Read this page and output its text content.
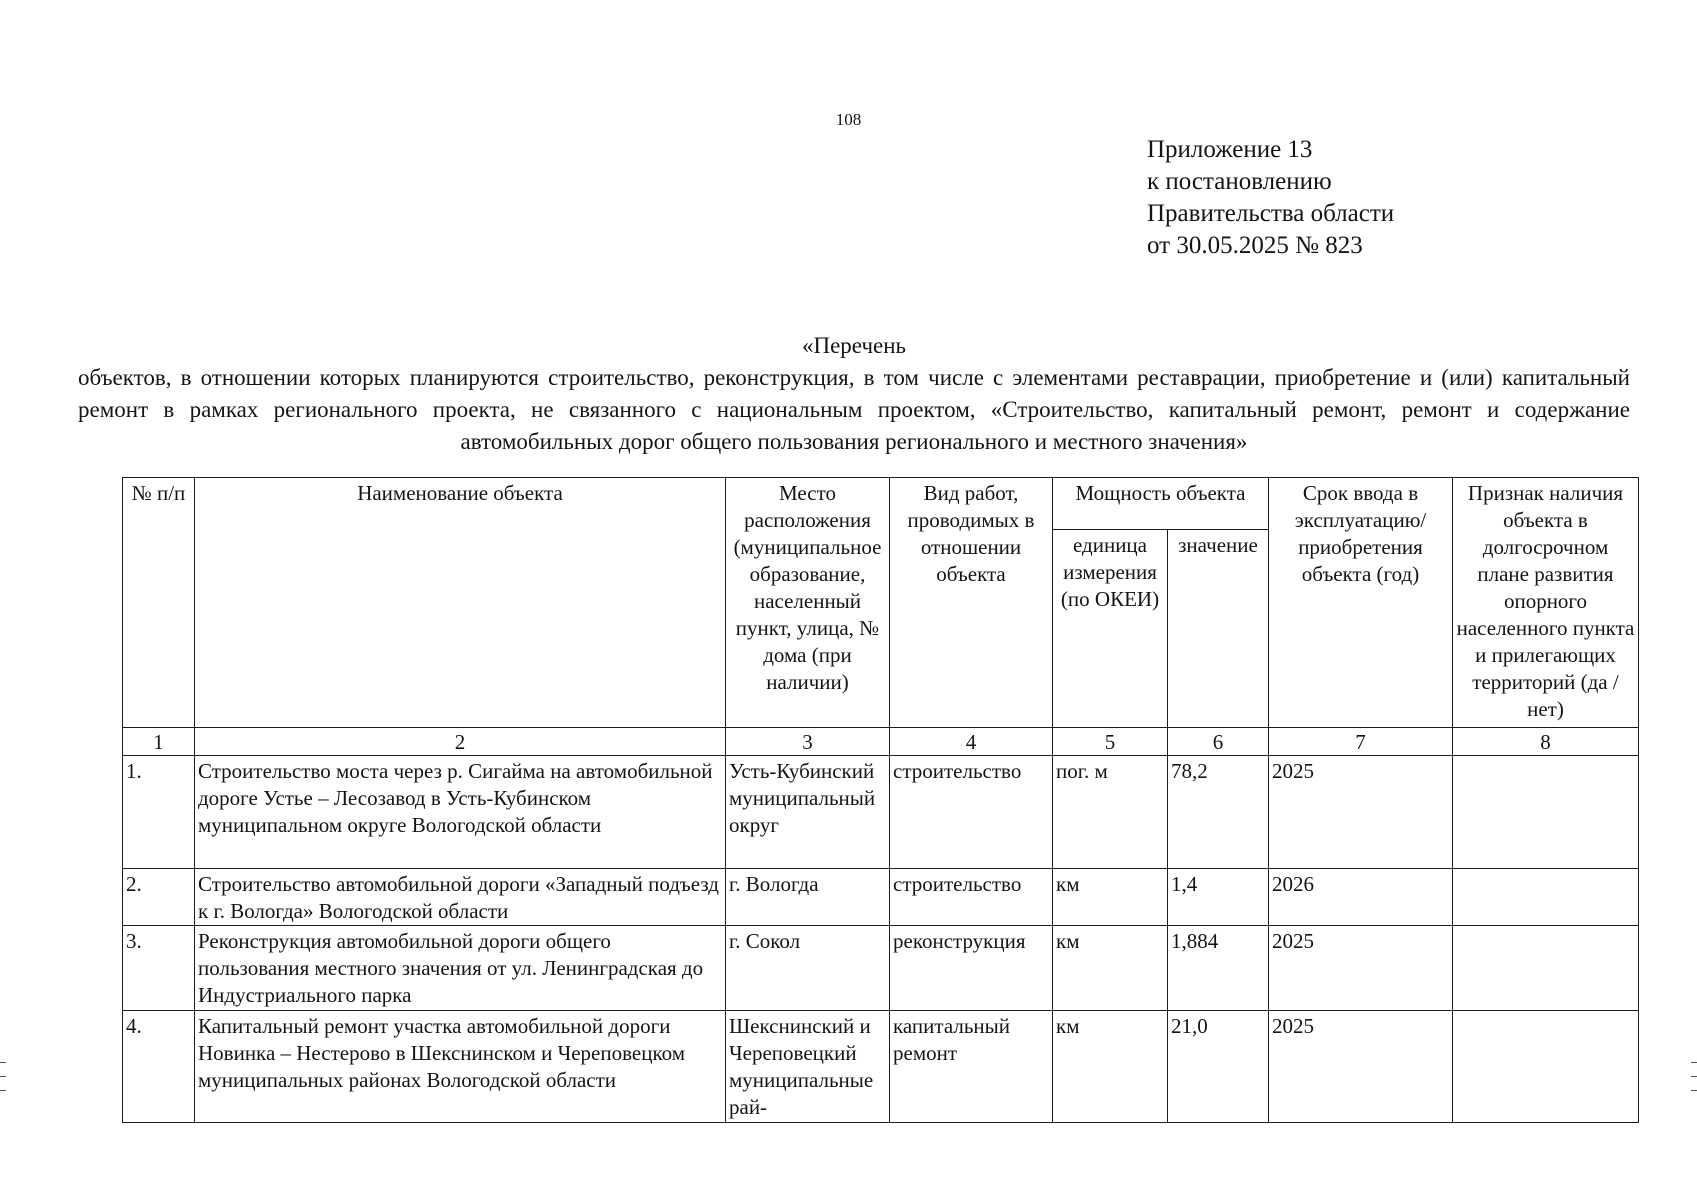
108
Приложение 13
к постановлению
Правительства области
от 30.05.2025 № 823
«Перечень
объектов, в отношении которых планируются строительство, реконструкция, в том числе с элементами реставрации, приобретение и (или) капитальный ремонт в рамках регионального проекта, не связанного с национальным проектом, «Строительство, капитальный ремонт, ремонт и содержание автомобильных дорог общего пользования регионального и местного значения»
№ п/п	Наименование объекта	Место расположения (муниципальное образование, населенный пункт, улица, № дома (при наличии)	Вид работ, проводимых в отношении объекта	Мощность объекта		Срок ввода в эксплуатацию/приобретения объекта (год)	Признак наличия объекта в долгосрочном плане развития опорного населенного пункта и прилегающих территорий (да / нет)
				единица измерения (по ОКЕИ)	значение		
1	2	3	4	5	6	7	8
1.	Строительство моста через р. Сигайма на автомобильной дороге Устье – Лесозавод в Усть-Кубинском муниципальном округе Вологодской области	Усть-Кубинский муниципальный округ	строительство	пог. м	78,2	2025	
2.	Строительство автомобильной дороги «Западный подъезд к г. Вологда» Вологодской области	г. Вологда	строительство	км	1,4	2026	
3.	Реконструкция автомобильной дороги общего пользования местного значения от ул. Ленинградская до Индустриального парка	г. Сокол	реконструкция	км	1,884	2025	
4.	Капитальный ремонт участка автомобильной дороги Новинка – Нестерово в Шекснинском и Череповецком муниципальных районах Вологодской области	Шекснинский и Череповецкий муниципальные рай-	капитальный ремонт	км	21,0	2025	
